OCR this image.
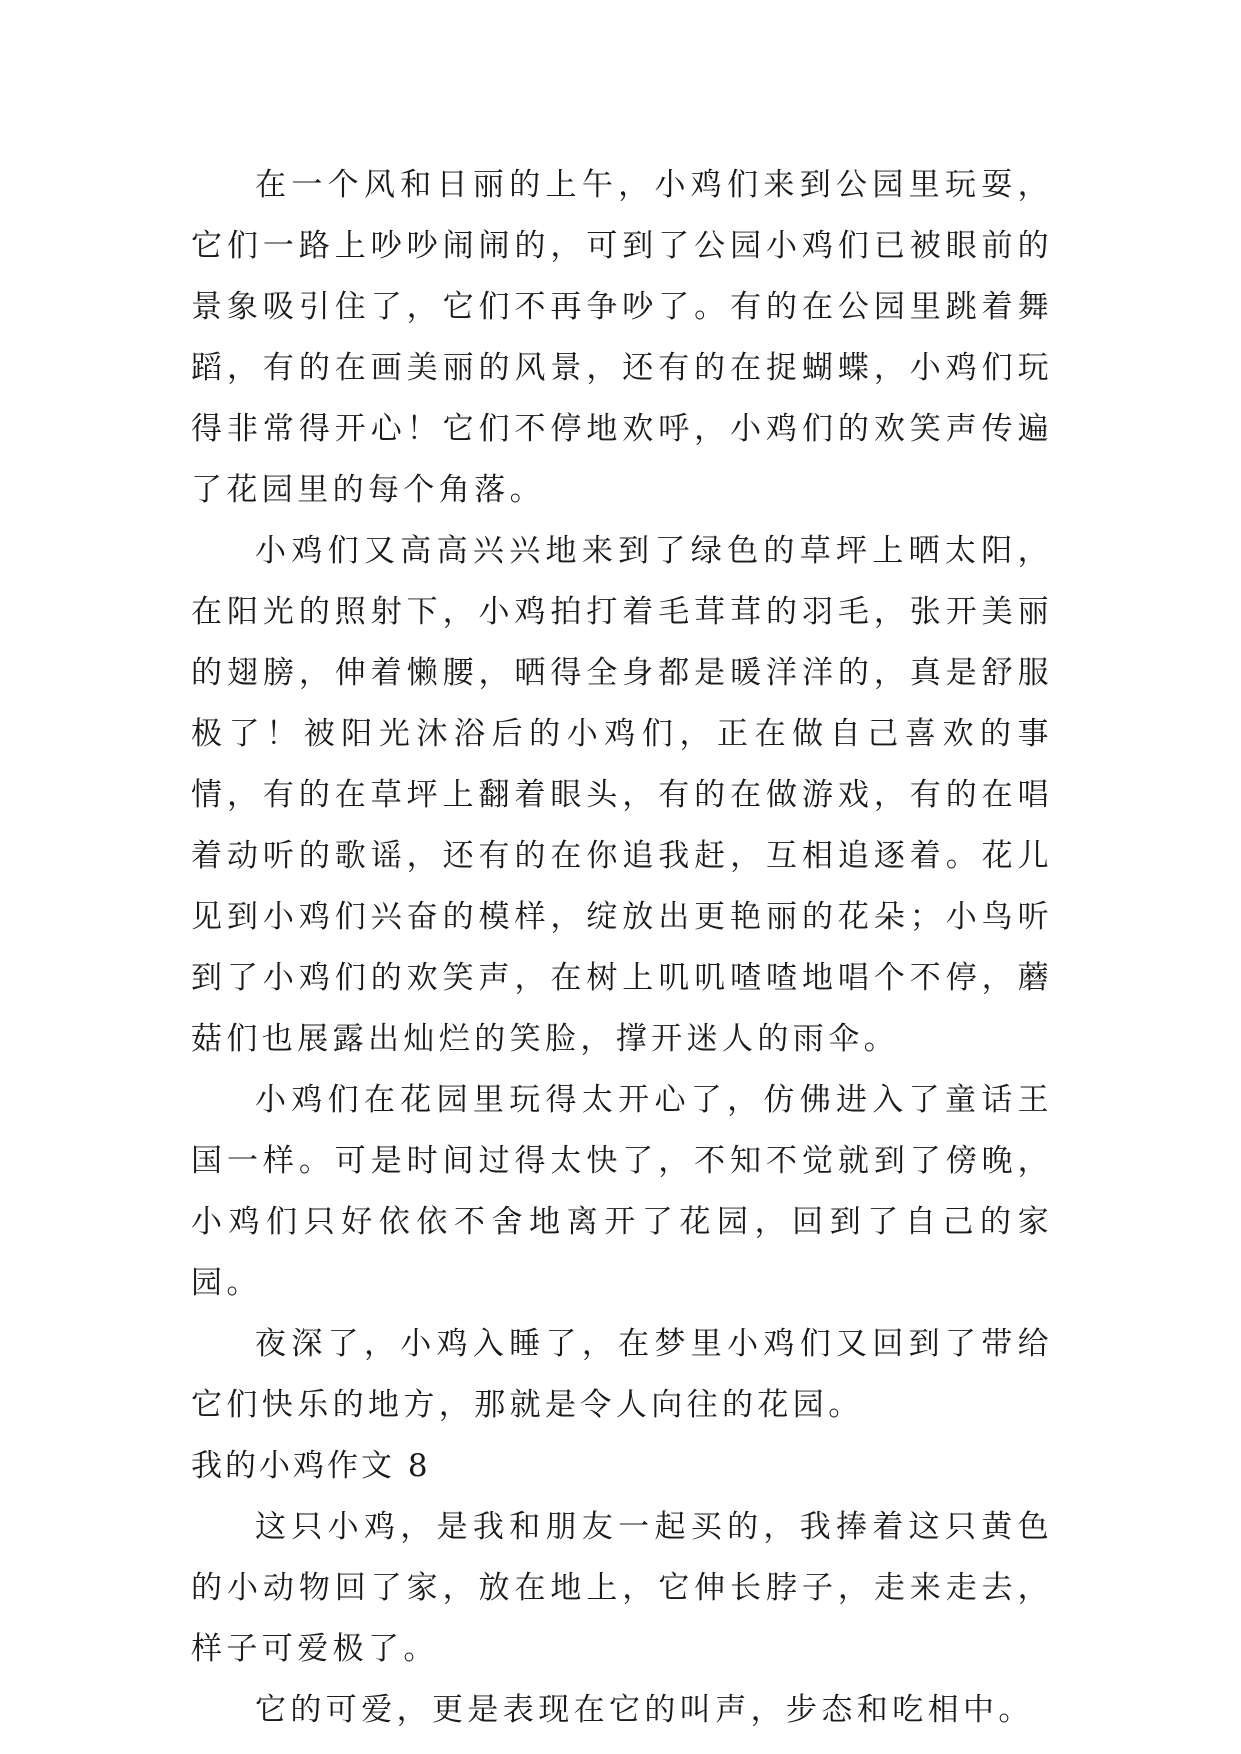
在一个风和日丽的上午，小鸡们来到公园里玩耍，它们一路上吵吵闹闹的，可到了公园小鸡们已被眼前的景象吸引住了，它们不再争吵了。有的在公园里跳着舞蹈，有的在画美丽的风景，还有的在捉蝴蝶，小鸡们玩得非常得开心！它们不停地欢呼，小鸡们的欢笑声传遍了花园里的每个角落。

小鸡们又高高兴兴地来到了绿色的草坪上晒太阳，在阳光的照射下，小鸡拍打着毛茸茸的羽毛，张开美丽的翅膀，伸着懒腰，晒得全身都是暖洋洋的，真是舒服极了！被阳光沐浴后的小鸡们，正在做自己喜欢的事情，有的在草坪上翻着眼头，有的在做游戏，有的在唱着动听的歌谣，还有的在你追我赶，互相追逐着。花儿见到小鸡们兴奋的模样，绽放出更艳丽的花朵；小鸟听到了小鸡们的欢笑声，在树上叽叽喳喳地唱个不停，蘑菇们也展露出灿烂的笑脸，撑开迷人的雨伞。

小鸡们在花园里玩得太开心了，仿佛进入了童话王国一样。可是时间过得太快了，不知不觉就到了傍晚，小鸡们只好依依不舍地离开了花园，回到了自己的家园。

夜深了，小鸡入睡了，在梦里小鸡们又回到了带给它们快乐的地方，那就是令人向往的花园。

我的小鸡作文 8

这只小鸡，是我和朋友一起买的，我捧着这只黄色的小动物回了家，放在地上，它伸长脖子，走来走去，样子可爱极了。

它的可爱，更是表现在它的叫声，步态和吃相中。
